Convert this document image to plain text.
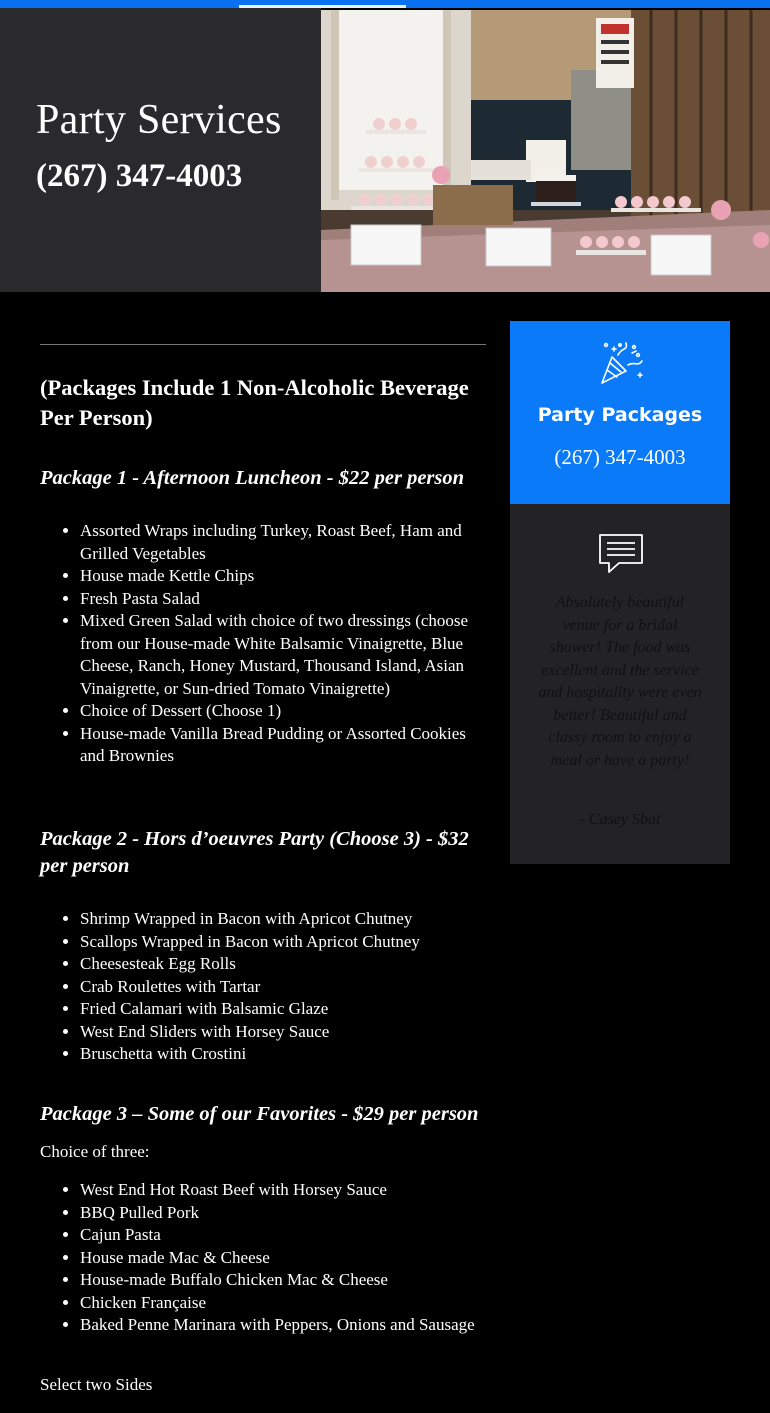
Party Services
(267) 347-4003
(Packages Include 1 Non-Alcoholic Beverage Per Person)
Package 1 - Afternoon Luncheon - $22 per person
• Assorted Wraps including Turkey, Roast Beef, Ham and Grilled Vegetables
• House made Kettle Chips
• Fresh Pasta Salad
• Mixed Green Salad with choice of two dressings (choose from our House-made White Balsamic Vinaigrette, Blue Cheese, Ranch, Honey Mustard, Thousand Island, Asian Vinaigrette, or Sun-dried Tomato Vinaigrette)
• Choice of Dessert (Choose 1)
• House-made Vanilla Bread Pudding or Assorted Cookies and Brownies
Package 2 - Hors d’oeuvres Party (Choose 3) - $32 per person
• Shrimp Wrapped in Bacon with Apricot Chutney
• Scallops Wrapped in Bacon with Apricot Chutney
• Cheesesteak Egg Rolls
• Crab Roulettes with Tartar
• Fried Calamari with Balsamic Glaze
• West End Sliders with Horsey Sauce
• Bruschetta with Crostini
Package 3 – Some of our Favorites - $29 per person
Choice of three:
• West End Hot Roast Beef with Horsey Sauce
• BBQ Pulled Pork
• Cajun Pasta
• House made Mac & Cheese
• House-made Buffalo Chicken Mac & Cheese
• Chicken Française
• Baked Penne Marinara with Peppers, Onions and Sausage
Select two Sides
Party Packages
(267) 347-4003

Absolutely beautiful venue for a bridal shower! The food was excellent and the service and hospitality were even better! Beautiful and classy room to enjoy a meal or have a party!

- Casey Sbat
